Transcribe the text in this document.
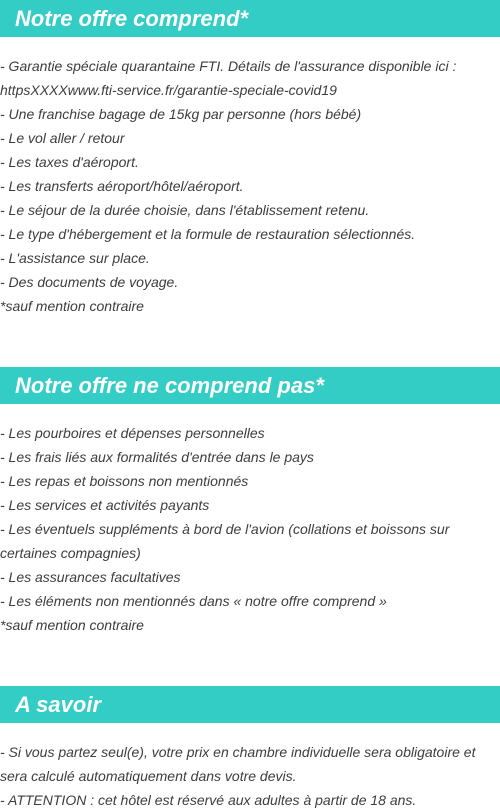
Notre offre comprend*
- Garantie spéciale quarantaine FTI. Détails de l'assurance disponible ici :
httpsXXXXwww.fti-service.fr/garantie-speciale-covid19
- Une franchise bagage de 15kg par personne (hors bébé)
- Le vol aller / retour
- Les taxes d'aéroport.
- Les transferts aéroport/hôtel/aéroport.
- Le séjour de la durée choisie, dans l'établissement retenu.
- Le type d'hébergement et la formule de restauration sélectionnés.
- L'assistance sur place.
- Des documents de voyage.
*sauf mention contraire
Notre offre ne comprend pas*
- Les pourboires et dépenses personnelles
- Les frais liés aux formalités d'entrée dans le pays
- Les repas et boissons non mentionnés
- Les services et activités payants
- Les éventuels suppléments à bord de l'avion (collations et boissons sur
certaines compagnies)
- Les assurances facultatives
- Les éléments non mentionnés dans « notre offre comprend »
*sauf mention contraire
A savoir
- Si vous partez seul(e), votre prix en chambre individuelle sera obligatoire et
sera calculé automatiquement dans votre devis.
- ATTENTION : cet hôtel est réservé aux adultes à partir de 18 ans.
